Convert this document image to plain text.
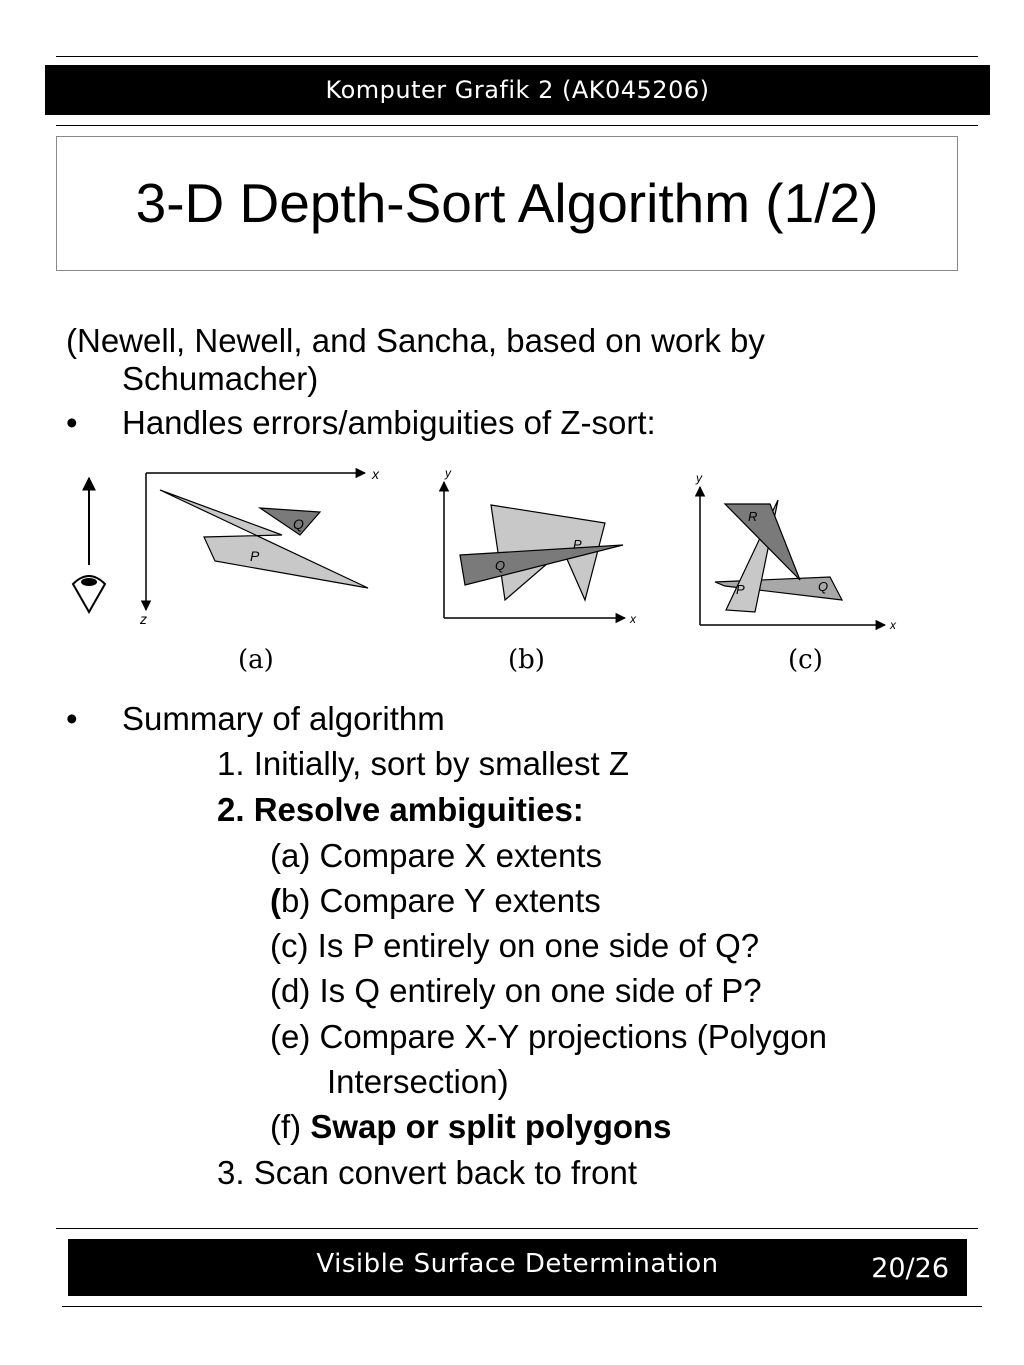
Komputer Grafik 2 (AK045206)
3-D Depth-Sort Algorithm (1/2)
(Newell, Newell, and Sancha, based on work by
Schumacher)
• Handles errors/ambiguities of Z-sort:
x
z
P
Q
(a)
y
x
P
Q
(b)
y
x
R
P	Q
(c)
• Summary of algorithm
1. Initially, sort by smallest Z
2. Resolve ambiguities:
(a) Compare X extents
(b) Compare Y extents
(c) Is P entirely on one side of Q?
(d) Is Q entirely on one side of P?
(e) Compare X-Y projections (Polygon
Intersection)
(f) Swap or split polygons
3. Scan convert back to front
Visible Surface Determination	20/26
